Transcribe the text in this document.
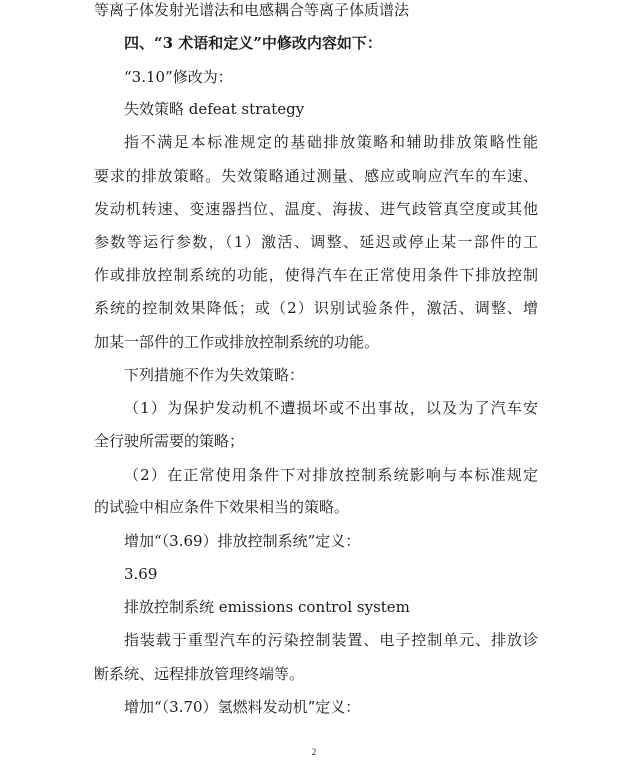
等离子体发射光谱法和电感耦合等离子体质谱法
四、“3 术语和定义”中修改内容如下：
“3.10”修改为：
失效策略 defeat strategy
指不满足本标准规定的基础排放策略和辅助排放策略性能
要求的排放策略。失效策略通过测量、感应或响应汽车的车速、
发动机转速、变速器挡位、温度、海拔、进气歧管真空度或其他
参数等运行参数，（1）激活、调整、延迟或停止某一部件的工
作或排放控制系统的功能，使得汽车在正常使用条件下排放控制
系统的控制效果降低；或（2）识别试验条件，激活、调整、增
加某一部件的工作或排放控制系统的功能。
下列措施不作为失效策略：
（1）为保护发动机不遭损坏或不出事故，以及为了汽车安
全行驶所需要的策略；
（2）在正常使用条件下对排放控制系统影响与本标准规定
的试验中相应条件下效果相当的策略。
增加“（3.69）排放控制系统”定义：
3.69
排放控制系统 emissions control system
指装载于重型汽车的污染控制装置、电子控制单元、排放诊
断系统、远程排放管理终端等。
增加“（3.70）氢燃料发动机”定义：
2
